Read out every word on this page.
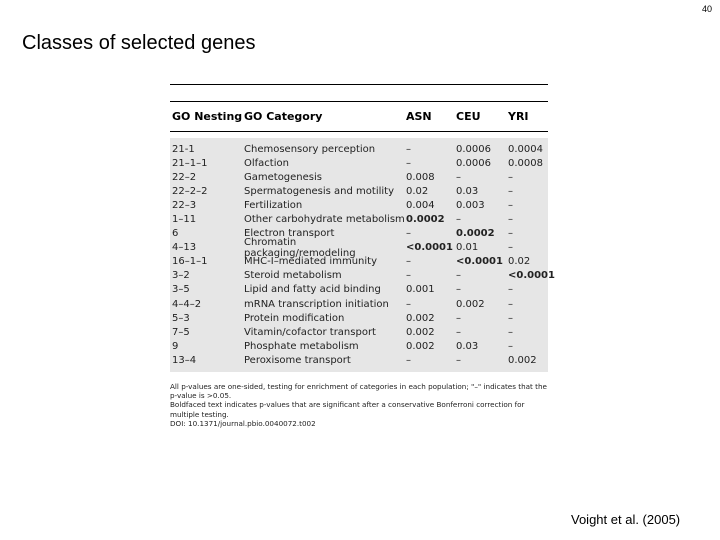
40
Classes of selected genes
GO Nesting GO Category	ASN	CEU	YRI
21-1	Chemosensory perception	–	0.0006	0.0004
21–1–1	Olfaction	–	0.0006	0.0008
22–2	Gametogenesis	0.008	–	–
22–2–2	Spermatogenesis and motility	0.02	0.03	–
22–3	Fertilization	0.004	0.003	–
1–11	Other carbohydrate metabolism 0.0002	–	–
6	Electron transport	–	0.0002	–
4–13	Chromatin packaging/remodeling	<0.0001 0.01	–
16–1–1	MHC-I–mediated immunity	–	<0.0001 0.02
3–2	Steroid metabolism	–	–	<0.0001
3–5	Lipid and fatty acid binding	0.001	–	–
4–4–2	mRNA transcription initiation	–	0.002	–
5–3	Protein modification	0.002	–	–
7–5	Vitamin/cofactor transport	0.002	–	–
9	Phosphate metabolism	0.002	0.03	–
13–4	Peroxisome transport	–	–	0.002
All p-values are one-sided, testing for enrichment of categories in each population; "–" indicates that the p-value is >0.05.
Boldfaced text indicates p-values that are significant after a conservative Bonferroni correction for multiple testing.
DOI: 10.1371/journal.pbio.0040072.t002
Voight et al. (2005)
